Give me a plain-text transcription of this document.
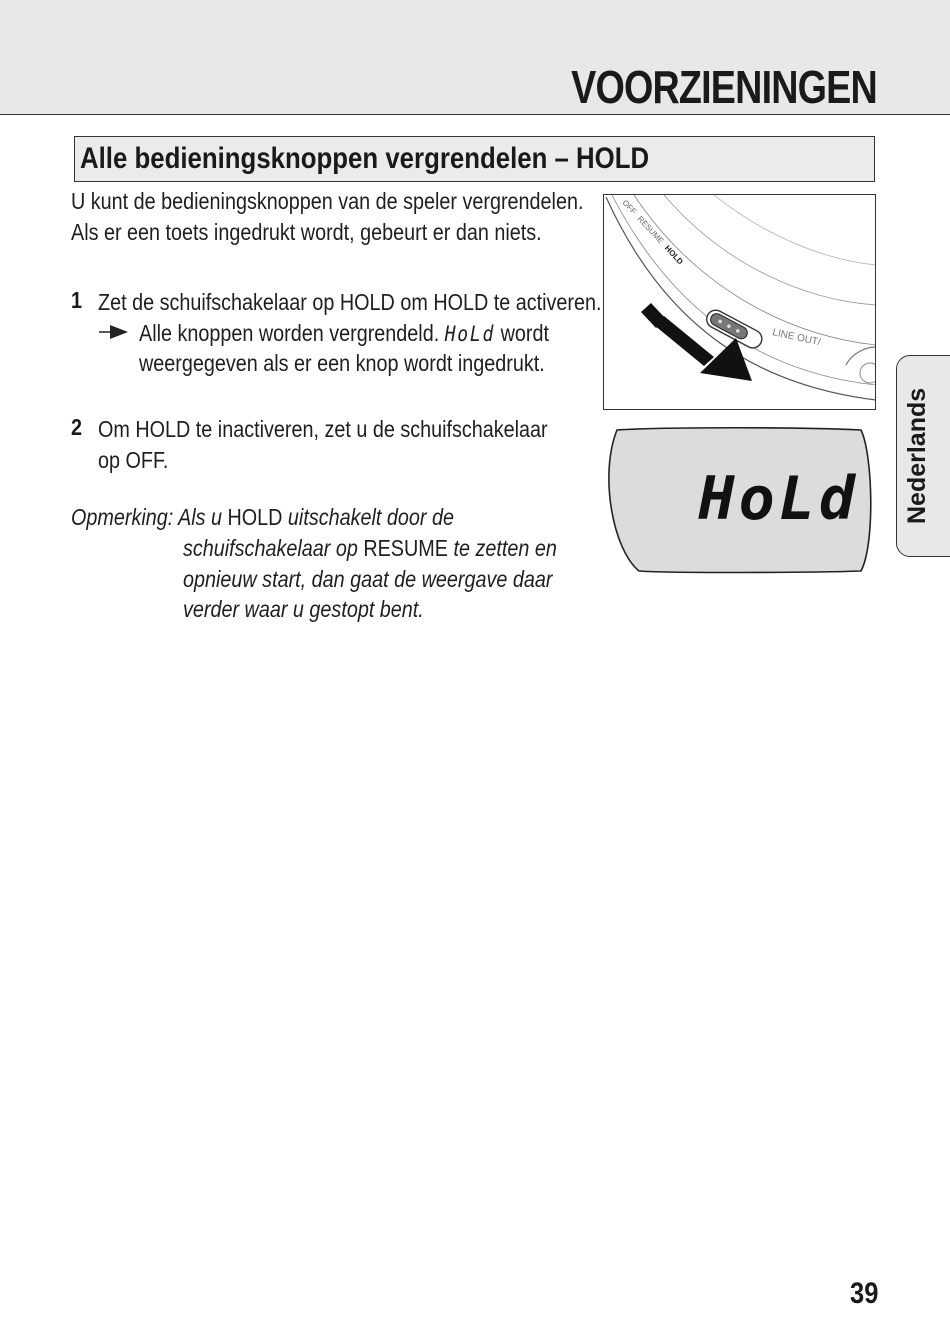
VOORZIENINGEN
Alle bedieningsknoppen vergrendelen – HOLD
U kunt de bedieningsknoppen van de speler vergrendelen.
Als er een toets ingedrukt wordt, gebeurt er dan niets.
1 Zet de schuifschakelaar op HOLD om HOLD te activeren.
Alle knoppen worden vergrendeld. HoLd wordt
weergegeven als er een knop wordt ingedrukt.
2 Om HOLD te inactiveren, zet u de schuifschakelaar
op OFF.
Opmerking: Als u HOLD uitschakelt door de
schuifschakelaar op RESUME te zetten en
opnieuw start, dan gaat de weergave daar
verder waar u gestopt bent.
OFF
RESUME
HOLD
LINE OUT/
HoLd Nederlands
39
